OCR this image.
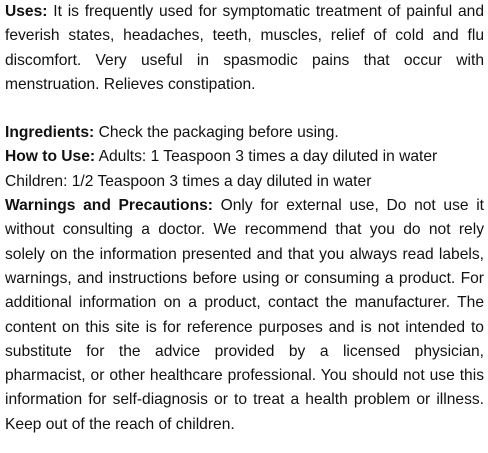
Uses: It is frequently used for symptomatic treatment of painful and feverish states, headaches, teeth, muscles, relief of cold and flu discomfort. Very useful in spasmodic pains that occur with menstruation. Relieves constipation.

Ingredients: Check the packaging before using.

How to Use: Adults: 1 Teaspoon 3 times a day diluted in water
Children: 1/2 Teaspoon 3 times a day diluted in water

Warnings and Precautions: Only for external use, Do not use it without consulting a doctor. We recommend that you do not rely solely on the information presented and that you always read labels, warnings, and instructions before using or consuming a product. For additional information on a product, contact the manufacturer. The content on this site is for reference purposes and is not intended to substitute for the advice provided by a licensed physician, pharmacist, or other healthcare professional. You should not use this information for self-diagnosis or to treat a health problem or illness. Keep out of the reach of children.
